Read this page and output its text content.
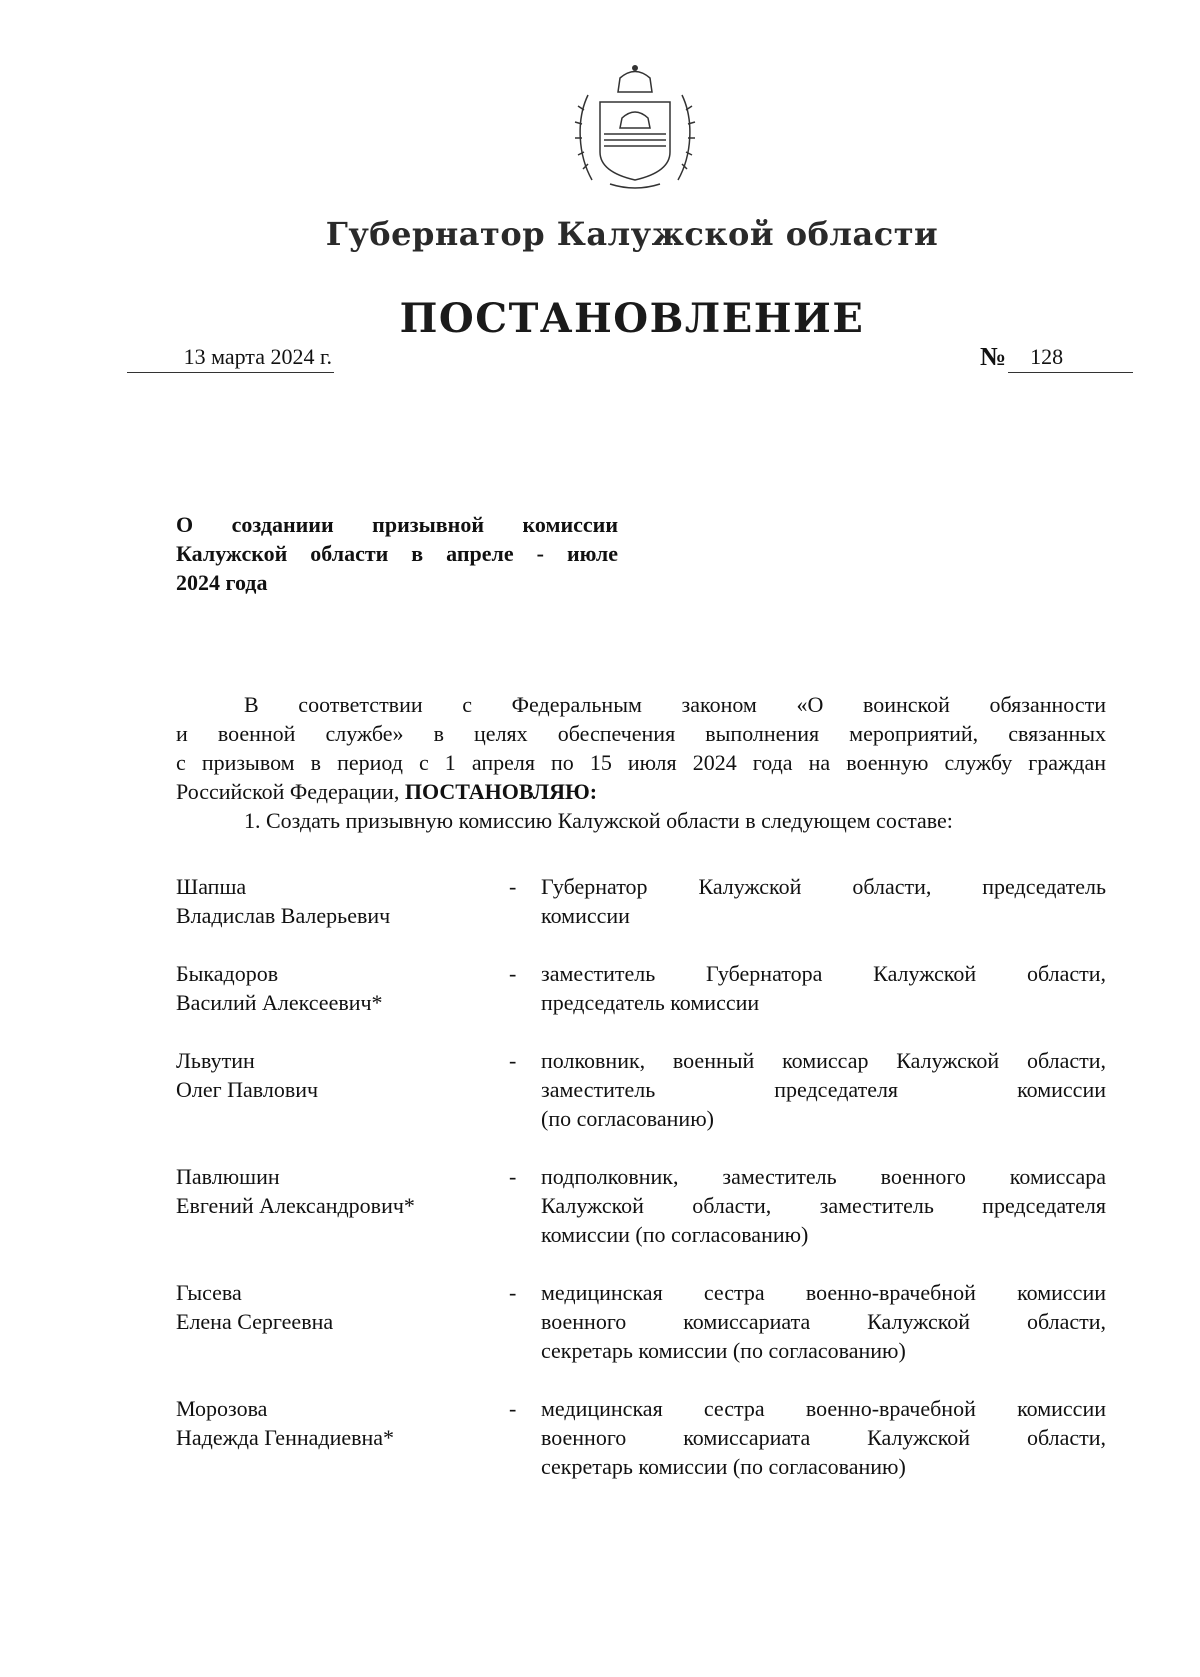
Губернатор Калужской области
ПОСТАНОВЛЕНИЕ
13 марта 2024 г.	№ 128
О созданиии призывной комиссии
Калужской области в апреле - июле
2024 года
В соответствии с Федеральным законом «О воинской обязанности
и военной службе» в целях обеспечения выполнения мероприятий, связанных
с призывом в период с 1 апреля по 15 июля 2024 года на военную службу граждан
Российской Федерации, ПОСТАНОВЛЯЮ:
1. Создать призывную комиссию Калужской области в следующем составе:
Шапша
Владислав Валерьевич
-	Губернатор Калужской области, председатель
комиссии
Быкадоров
Василий Алексеевич*
-	заместитель Губернатора Калужской области,
председатель комиссии
Львутин
Олег Павлович
-	полковник, военный комиссар Калужской области,
заместитель председателя комиссии
(по согласованию)
Павлюшин
Евгений Александрович*
-	подполковник, заместитель военного комиссара
Калужской области, заместитель председателя
комиссии (по согласованию)
Гысева
Елена Сергеевна
-	медицинская сестра военно-врачебной комиссии
военного комиссариата Калужской области,
секретарь комиссии (по согласованию)
Морозова
Надежда Геннадиевна*
-	медицинская сестра военно-врачебной комиссии
военного комиссариата Калужской области,
секретарь комиссии (по согласованию)
